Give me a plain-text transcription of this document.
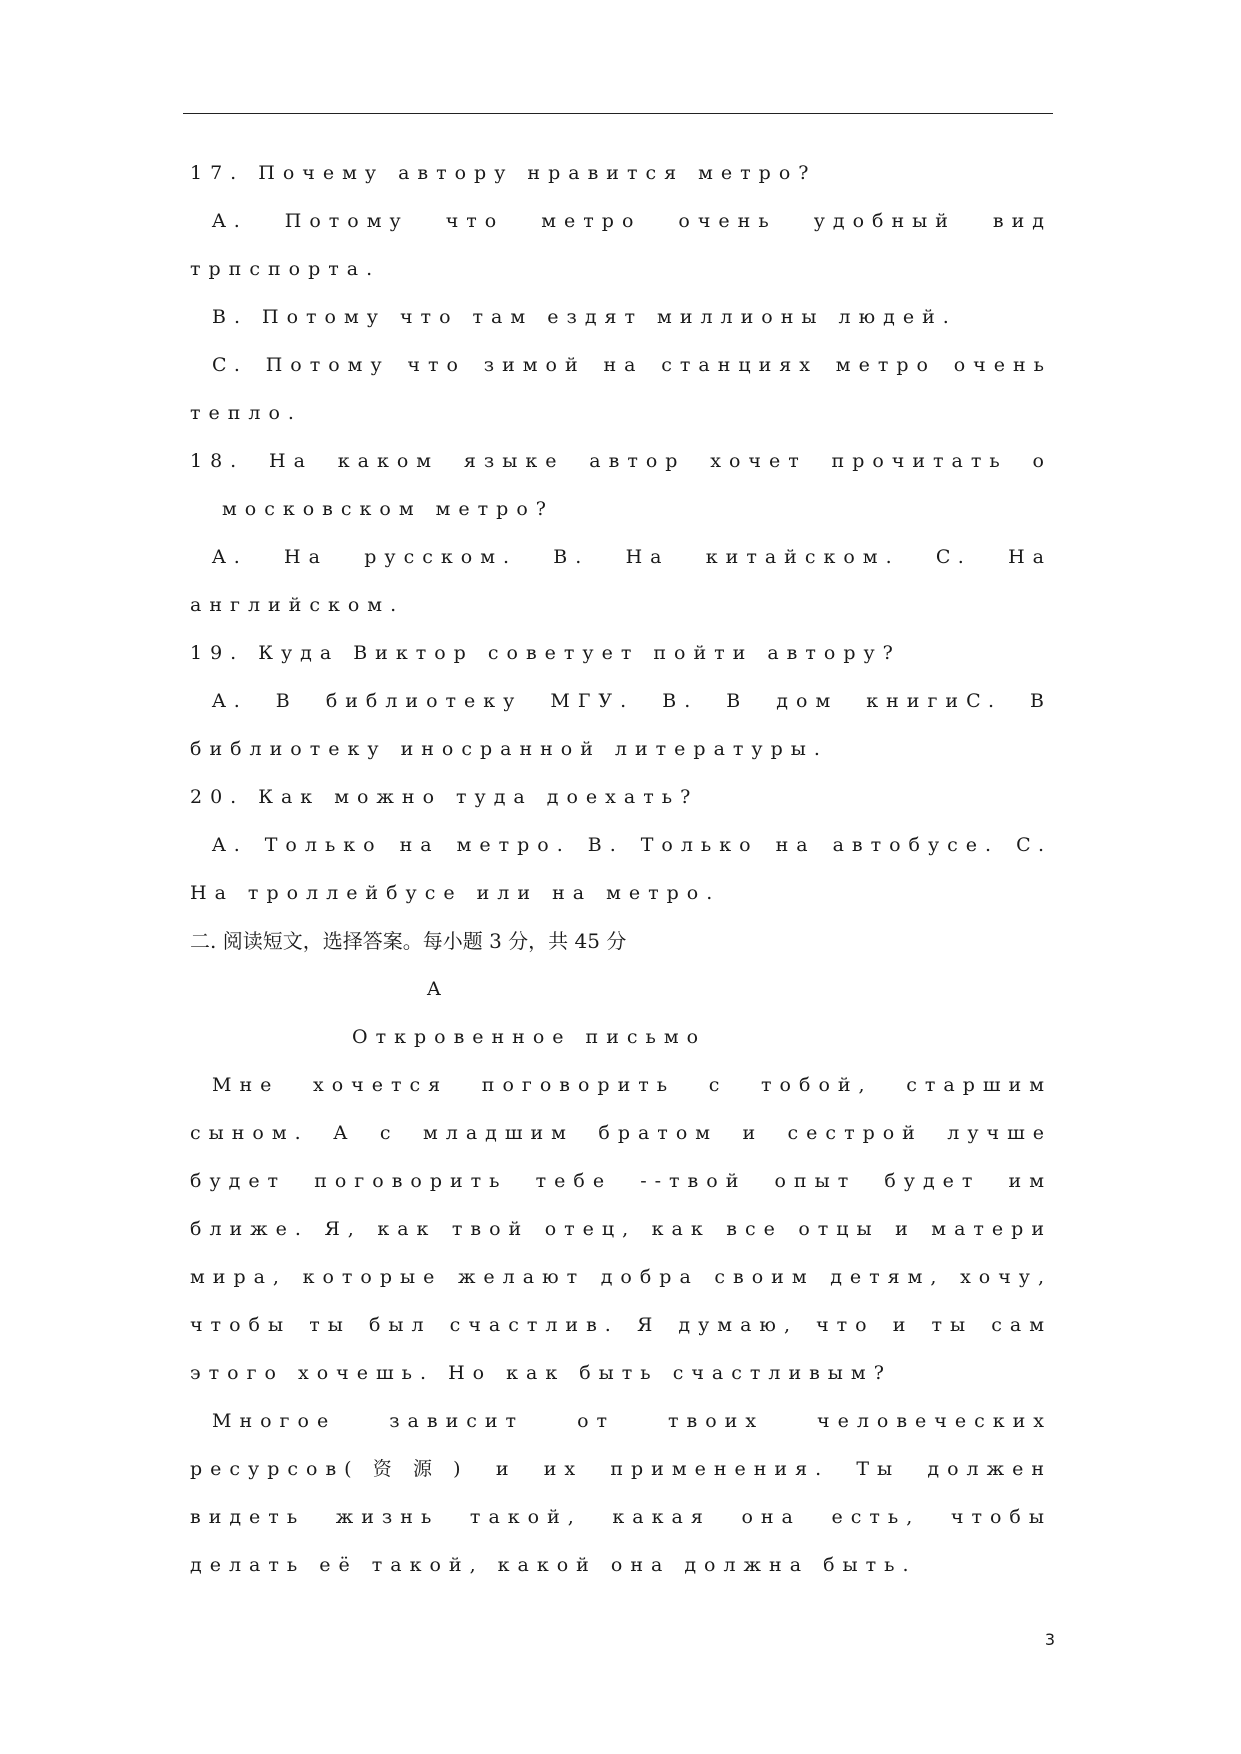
17. Почему автору нравится метро?
A. Потому что метро очень удобный вид
трпспорта.
B. Потому что там ездят миллионы людей.
C. Потому что зимой на станциях метро очень
тепло.
18. На каком языке автор хочет прочитать о
московском метро?
A. На русском. B. На китайском. C. На
английском.
19. Куда Виктор советует пойти автору?
A. В библиотеку МГУ. B. В дом книгиC. В
библиотеку иносранной литературы.
20. Как можно туда доехать?
A. Только на метро. B. Только на автобусе. C.
На троллейбусе или на метро.
二. 阅读短文，选择答案。每小题 3 分，共 45 分
A
Откровенное письмо
Мне хочется поговорить с тобой, старшим
сыном. А с младшим братом и сестрой лучше
будет поговорить тебе --твой опыт будет им
ближе. Я, как твой отец, как все отцы и матери
мира, которые желают добра своим детям, хочу,
чтобы ты был счастлив. Я думаю, что и ты сам
этого хочешь. Но как быть счастливым?
Многое зависит от твоих человеческих
ресурсов(资源) и их применения. Ты должен
видеть жизнь такой, какая она есть, чтобы
делать её такой, какой она должна быть.
3
